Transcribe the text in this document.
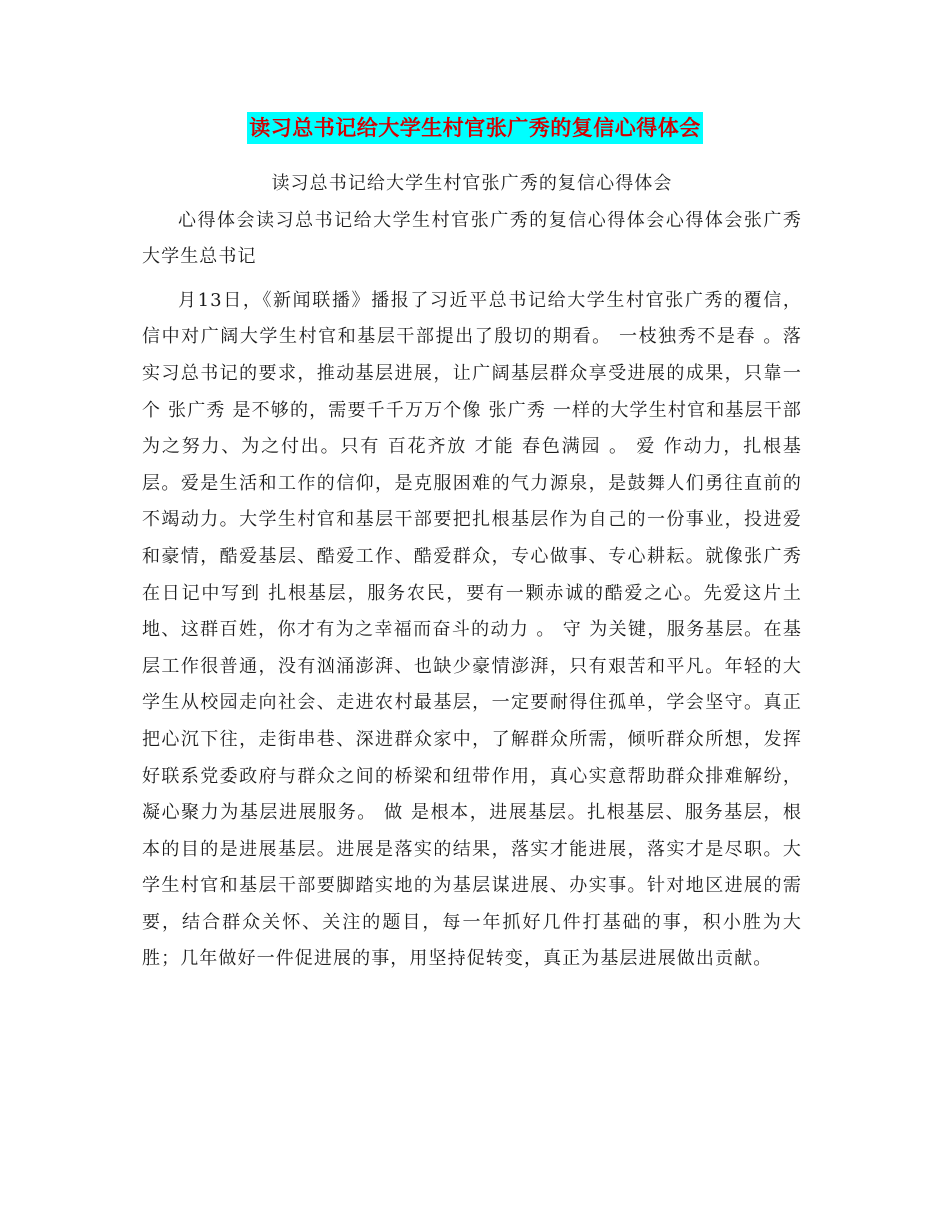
读习总书记给大学生村官张广秀的复信心得体会

读习总书记给大学生村官张广秀的复信心得体会

心得体会读习总书记给大学生村官张广秀的复信心得体会心得体会张广秀大学生总书记

月13日，《新闻联播》播报了习近平总书记给大学生村官张广秀的覆信，信中对广阔大学生村官和基层干部提出了殷切的期看。 一枝独秀不是春 。落实习总书记的要求，推动基层进展，让广阔基层群众享受进展的成果，只靠一个 张广秀 是不够的，需要千千万万个像 张广秀 一样的大学生村官和基层干部为之努力、为之付出。只有 百花齐放 才能 春色满园 。 爱 作动力，扎根基层。爱是生活和工作的信仰，是克服困难的气力源泉，是鼓舞人们勇往直前的不竭动力。大学生村官和基层干部要把扎根基层作为自己的一份事业，投进爱和豪情，酷爱基层、酷爱工作、酷爱群众，专心做事、专心耕耘。就像张广秀在日记中写到 扎根基层，服务农民，要有一颗赤诚的酷爱之心。先爱这片土地、这群百姓，你才有为之幸福而奋斗的动力 。 守 为关键，服务基层。在基层工作很普通，没有汹涌澎湃、也缺少豪情澎湃，只有艰苦和平凡。年轻的大学生从校园走向社会、走进农村最基层，一定要耐得住孤单，学会坚守。真正把心沉下往，走街串巷、深进群众家中，了解群众所需，倾听群众所想，发挥好联系党委政府与群众之间的桥梁和纽带作用，真心实意帮助群众排难解纷，凝心聚力为基层进展服务。 做 是根本，进展基层。扎根基层、服务基层，根本的目的是进展基层。进展是落实的结果，落实才能进展，落实才是尽职。大学生村官和基层干部要脚踏实地的为基层谋进展、办实事。针对地区进展的需要，结合群众关怀、关注的题目，每一年抓好几件打基础的事，积小胜为大胜；几年做好一件促进展的事，用坚持促转变，真正为基层进展做出贡献。
